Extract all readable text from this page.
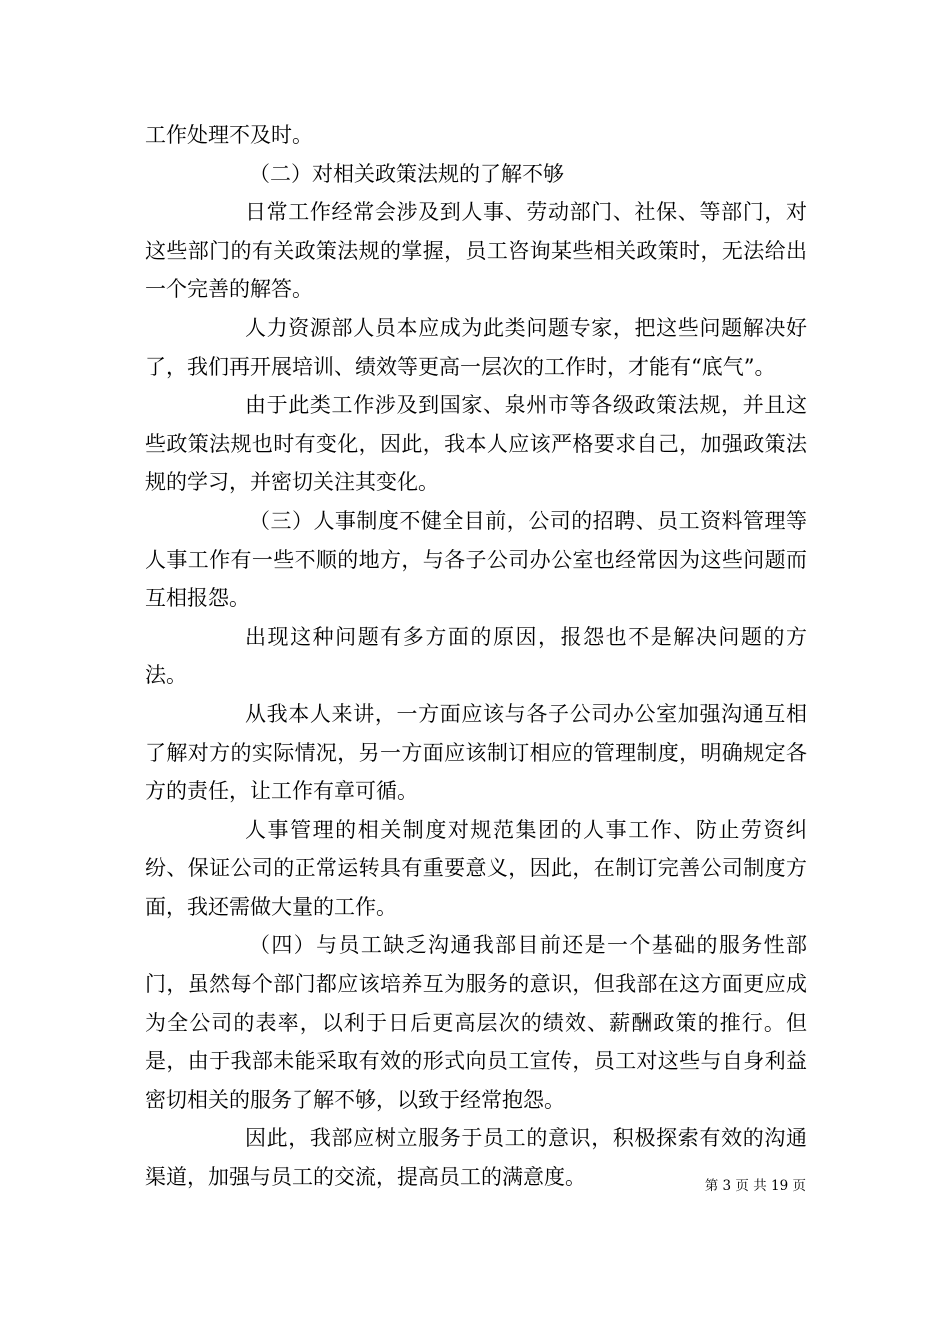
工作处理不及时。

（二）对相关政策法规的了解不够

日常工作经常会涉及到人事、劳动部门、社保、等部门，对这些部门的有关政策法规的掌握，员工咨询某些相关政策时，无法给出一个完善的解答。

人力资源部人员本应成为此类问题专家，把这些问题解决好了，我们再开展培训、绩效等更高一层次的工作时，才能有“底气”。

由于此类工作涉及到国家、泉州市等各级政策法规，并且这些政策法规也时有变化，因此，我本人应该严格要求自己，加强政策法规的学习，并密切关注其变化。

（三）人事制度不健全目前，公司的招聘、员工资料管理等人事工作有一些不顺的地方，与各子公司办公室也经常因为这些问题而互相报怨。

出现这种问题有多方面的原因，报怨也不是解决问题的方法。

从我本人来讲，一方面应该与各子公司办公室加强沟通互相了解对方的实际情况，另一方面应该制订相应的管理制度，明确规定各方的责任，让工作有章可循。

人事管理的相关制度对规范集团的人事工作、防止劳资纠纷、保证公司的正常运转具有重要意义，因此，在制订完善公司制度方面，我还需做大量的工作。

（四）与员工缺乏沟通我部目前还是一个基础的服务性部门，虽然每个部门都应该培养互为服务的意识，但我部在这方面更应成为全公司的表率，以利于日后更高层次的绩效、薪酬政策的推行。但是，由于我部未能采取有效的形式向员工宣传，员工对这些与自身利益密切相关的服务了解不够，以致于经常抱怨。

因此，我部应树立服务于员工的意识，积极探索有效的沟通渠道，加强与员工的交流，提高员工的满意度。	第 3 页 共 19 页
